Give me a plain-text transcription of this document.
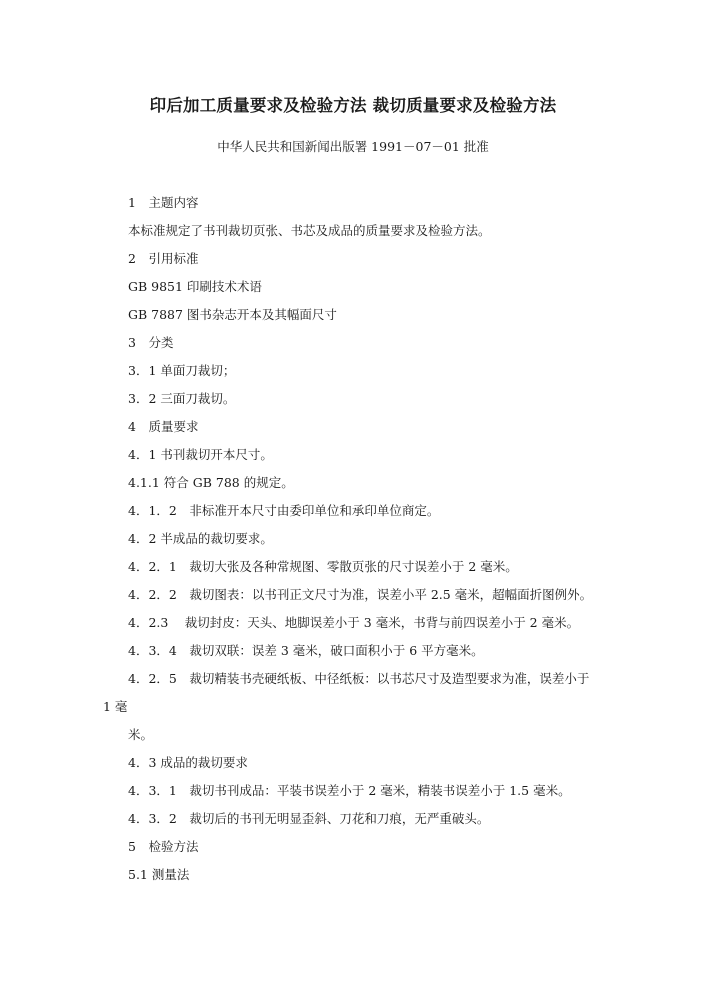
印后加工质量要求及检验方法 裁切质量要求及检验方法
中华人民共和国新闻出版署 1991－07－01 批准
1　主题内容
本标准规定了书刊裁切页张、书芯及成品的质量要求及检验方法。
2　引用标准
GB 9851 印刷技术术语
GB 7887 图书杂志开本及其幅面尺寸
3　分类
3．1 单面刀裁切；
3．2 三面刀裁切。
4　质量要求
4．1 书刊裁切开本尺寸。
4.1.1 符合 GB 788 的规定。
4．1．2　非标准开本尺寸由委印单位和承印单位商定。
4．2 半成品的裁切要求。
4．2．1　裁切大张及各种常规图、零散页张的尺寸误差小于 2 毫米。
4．2．2　裁切图表：以书刊正文尺寸为准，误差小平 2.5 毫米，超幅面折图例外。
4．2.3　 裁切封皮：天头、地脚误差小于 3 毫米，书背与前四误差小于 2 毫米。
4．3．4　裁切双联：误差 3 毫米，破口面积小于 6 平方毫米。
4．2．5　裁切精装书壳硬纸板、中径纸板：以书芯尺寸及造型要求为准，误差小于
1 毫
米。
4．3 成品的裁切要求
4．3．1　裁切书刊成品：平装书误差小于 2 毫米，精装书误差小于 1.5 毫米。
4．3．2　裁切后的书刊无明显歪斜、刀花和刀痕，无严重破头。
5　检验方法
5.1 测量法
